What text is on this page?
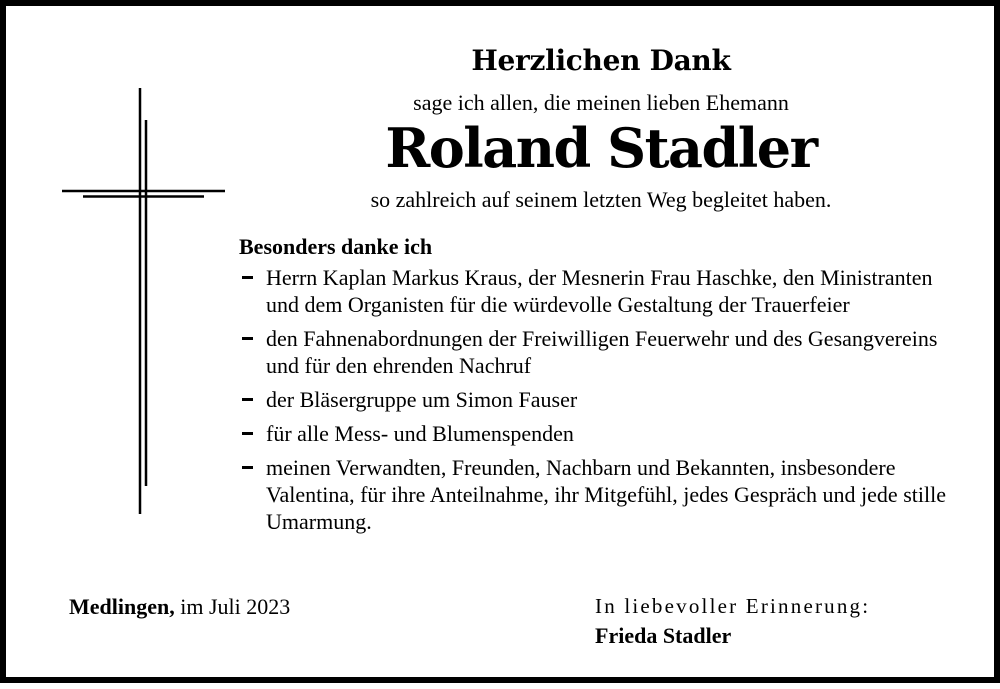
Herzlichen Dank
sage ich allen, die meinen lieben Ehemann
Roland Stadler
so zahlreich auf seinem letzten Weg begleitet haben.
Besonders danke ich
Herrn Kaplan Markus Kraus, der Mesnerin Frau Haschke, den Ministranten und dem Organisten für die würdevolle Gestaltung der Trauerfeier
den Fahnenabordnungen der Freiwilligen Feuerwehr und des Gesangvereins und für den ehrenden Nachruf
der Bläsergruppe um Simon Fauser
für alle Mess- und Blumenspenden
meinen Verwandten, Freunden, Nachbarn und Bekannten, insbesondere Valentina, für ihre Anteilnahme, ihr Mitgefühl, jedes Gespräch und jede stille Umarmung.
Medlingen, im Juli 2023	In liebevoller Erinnerung:
Frieda Stadler
